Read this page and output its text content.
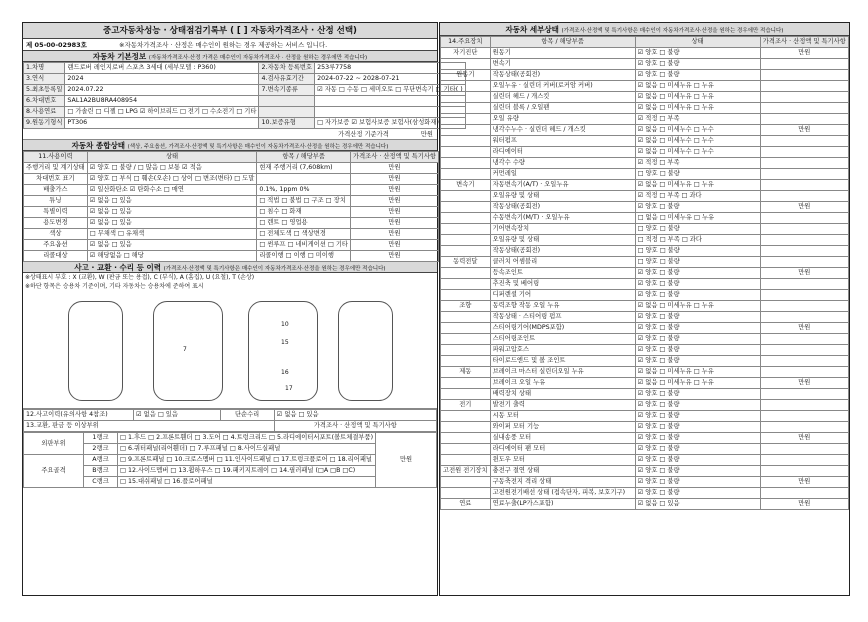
중고자동차성능 · 상태점검기록부 ( [ ] 자동차가격조사 · 산정 선택)
제 05-00-02983호	※자동차가격조사 · 산정은 매수인이 원하는 경우 제공하는 서비스 입니다.
자동차 기본정보 (자동차가격조사·산정 가격은 매수인이 자동차가격조사 · 산정을 원하는 경우에만 적습니다)
1.차명	랜드로버 레인지로버 스포츠 3세대 (세부모델 : P360)	2.자동차 등록번호	253루7758
3.연식	2024	4.검사유효기간	2024-07-22 ~ 2028-07-21
5.최초등록일	2024.07.22	7.변속기종류	☑ 자동 □ 수동 □ 세미오토 □ 무단변속기 □ 기타( )
6.차대번호	SAL1A2BU8RA408954		
8.사용연료	□ 가솔린 □ 디젤 □ LPG ☑ 하이브리드 □ 전기 □ 수소전기 □ 기타		
9.원동기형식	PT306	10.보증유형	□ 자가보증 ☑ 보험사보증 보험사(삼성화재)
가격산정 기준가격	만원
자동차 종합상태 (색상, 주요옵션, 가격조사·산정액 및 특기사항은 매수인이 자동차가격조사·산정을 원하는 경우에만 적습니다)
11.사용이력	상태	항목 / 해당부품	가격조사 · 산정액 및 특기사항
주행거리 및 계기상태	☑ 양호 □ 불량 / □ 많음 □ 보통 ☑ 적음	현재 주행거리 (7,608km)	만원
차대번호 표기	☑ 양호 □ 부식 □ 훼손(오손) □ 상이 □ 변조(변타) □ 도말		만원
배출가스	☑ 일산화탄소 ☑ 탄화수소 □ 매연	0.1%, 1ppm 0%	만원
튜닝	☑ 없음 □ 있음	□ 적법 □ 불법 □ 구조 □ 장치	만원
특별이력	☑ 없음 □ 있음	□ 침수 □ 화재	만원
용도변경	☑ 없음 □ 있음	□ 렌트 □ 영업용	만원
색상	□ 무채색 □ 유채색	□ 전체도색 □ 색상변경	만원
주요옵션	☑ 없음 □ 있음	□ 썬루프 □ 네비게이션 □ 기타	만원
리콜대상	☑ 해당없음 □ 해당	리콜이행 □ 이행 □ 미이행	만원
사고 · 교환 · 수리 등 이력 (가격조사·산정액 및 특기사항은 매수인이 자동차가격조사·산정을 원하는 경우에만 적습니다)
※상태표시 부호 : X (교환), W (판금 또는 용접), C (부식), A (흠집), U (요철), T (손상)
※하단 항목은 승용차 기준이며, 기타 자동차는 승용차에 준하여 표시
7
10
15
16
17
12.사고이력(유의사항 4참조)	☑ 없음 □ 있음	단순수리	☑ 없음 □ 있음
13.교환, 판금 등 이상부위			가격조사 · 산정액 및 특기사항
외판부위	1랭크	□ 1.후드 □ 2.프론트휀더 □ 3.도어 □ 4.트렁크리드 □ 5.라디에이터서포트(볼트체결부품)	만원
	2랭크	□ 6.쿼터패널(리어휀더) □ 7.루프패널 □ 8.사이드실패널	
주요골격	A랭크	□ 9.프론트패널 □ 10.크로스멤버 □ 11.인사이드패널 □ 17.트렁크플로어 □ 18.리어패널	
	B랭크	□ 12.사이드멤버 □ 13.휠하우스 □ 19.패키지트레이 □ 14.필러패널 (□A □B □C)	
	C랭크	□ 15.대쉬패널 □ 16.플로어패널	
자동차 세부상태 (가격조사·산정액 및 특기사항은 매수인이 자동차가격조사·산정을 원하는 경우에만 적습니다)
14.주요장치	항목 / 해당부품	상태	가격조사 · 산정액 및 특기사항
자기진단	원동기	☑ 양호 □ 불량	만원
	변속기	☑ 양호 □ 불량	
원동기	작동상태(공회전)	☑ 양호 □ 불량	
	오일누유 · 실린더 커버(로커암 커버)	☑ 없음 □ 미세누유 □ 누유	
	실린더 헤드 / 개스킷	☑ 없음 □ 미세누유 □ 누유	
	실린더 블록 / 오일팬	☑ 없음 □ 미세누유 □ 누유	
	오일 유량	☑ 적정 □ 부족	
	냉각수누수 · 실린더 헤드 / 개스킷	☑ 없음 □ 미세누수 □ 누수	만원
	워터펌프	☑ 없음 □ 미세누수 □ 누수	
	라디에이터	☑ 없음 □ 미세누수 □ 누수	
	냉각수 수량	☑ 적정 □ 부족	
	커먼레일	□ 양호 □ 불량	
변속기	자동변속기(A/T) · 오일누유	☑ 없음 □ 미세누유 □ 누유	
	오일유량 및 상태	☑ 적정 □ 부족 □ 과다	
	작동상태(공회전)	☑ 양호 □ 불량	만원
	수동변속기(M/T) · 오일누유	□ 없음 □ 미세누유 □ 누유	
	기어변속장치	□ 양호 □ 불량	
	오일유량 및 상태	□ 적정 □ 부족 □ 과다	
	작동상태(공회전)	□ 양호 □ 불량	
동력전달	클러치 어셈블리	□ 양호 □ 불량	
	등속조인트	☑ 양호 □ 불량	만원
	추진축 및 베어링	☑ 양호 □ 불량	
	디퍼렌셜 기어	☑ 양호 □ 불량	
조향	동력조향 작동 오일 누유	☑ 없음 □ 미세누유 □ 누유	
	작동상태 · 스티어링 펌프	☑ 양호 □ 불량	
	스티어링기어(MDPS포함)	☑ 양호 □ 불량	만원
	스티어링조인트	☑ 양호 □ 불량	
	파워고압호스	☑ 양호 □ 불량	
	타이로드엔드 및 볼 조인트	☑ 양호 □ 불량	
제동	브레이크 마스터 실린더오일 누유	☑ 없음 □ 미세누유 □ 누유	
	브레이크 오일 누유	☑ 없음 □ 미세누유 □ 누유	만원
	배력장치 상태	☑ 양호 □ 불량	
전기	발전기 출력	☑ 양호 □ 불량	
	시동 모터	☑ 양호 □ 불량	
	와이퍼 모터 기능	☑ 양호 □ 불량	
	실내송풍 모터	☑ 양호 □ 불량	만원
	라디에이터 팬 모터	☑ 양호 □ 불량	
	윈도우 모터	☑ 양호 □ 불량	
고전원 전기장치	충전구 절연 상태	☑ 양호 □ 불량	
	구동축전지 격리 상태	☑ 양호 □ 불량	만원
	고전원전기배선 상태 (접속단자, 피복, 보호기구)	☑ 양호 □ 불량	
연료	연료누출(LP가스포함)	☑ 없음 □ 있음	만원
